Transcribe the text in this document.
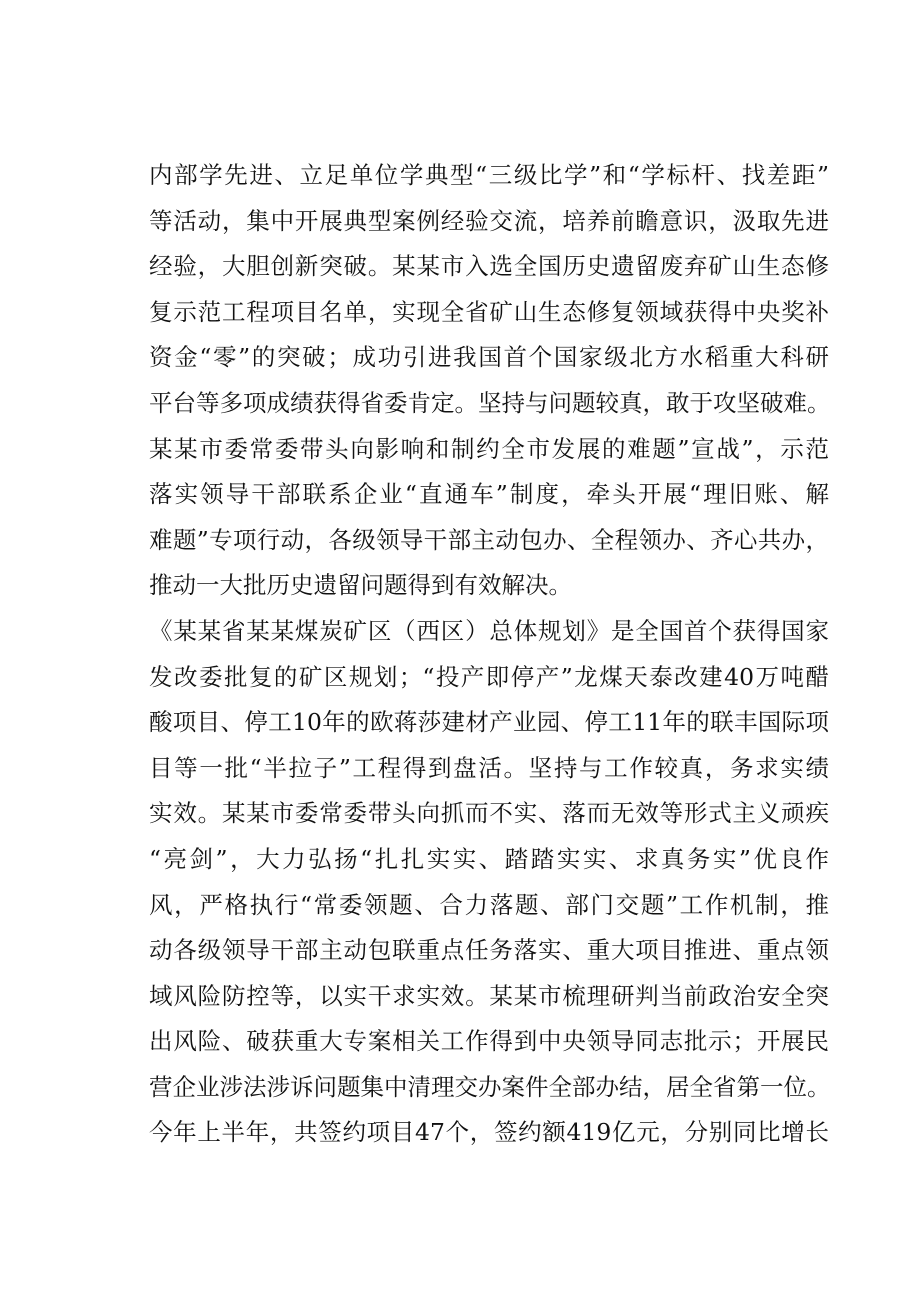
内部学先进、立足单位学典型“三级比学”和“学标杆、找差距”
等活动，集中开展典型案例经验交流，培养前瞻意识，汲取先进
经验，大胆创新突破。某某市入选全国历史遗留废弃矿山生态修
复示范工程项目名单，实现全省矿山生态修复领域获得中央奖补
资金“零”的突破；成功引进我国首个国家级北方水稻重大科研
平台等多项成绩获得省委肯定。坚持与问题较真，敢于攻坚破难。
某某市委常委带头向影响和制约全市发展的难题”宣战”，示范
落实领导干部联系企业“直通车”制度，牵头开展“理旧账、解
难题”专项行动，各级领导干部主动包办、全程领办、齐心共办，
推动一大批历史遗留问题得到有效解决。
《某某省某某煤炭矿区（西区）总体规划》是全国首个获得国家
发改委批复的矿区规划；“投产即停产”龙煤天泰改建40万吨醋
酸项目、停工10年的欧蒋莎建材产业园、停工11年的联丰国际项
目等一批“半拉子”工程得到盘活。坚持与工作较真，务求实绩
实效。某某市委常委带头向抓而不实、落而无效等形式主义顽疾
“亮剑”，大力弘扬“扎扎实实、踏踏实实、求真务实”优良作
风，严格执行“常委领题、合力落题、部门交题”工作机制，推
动各级领导干部主动包联重点任务落实、重大项目推进、重点领
域风险防控等，以实干求实效。某某市梳理研判当前政治安全突
出风险、破获重大专案相关工作得到中央领导同志批示；开展民
营企业涉法涉诉问题集中清理交办案件全部办结，居全省第一位。
今年上半年，共签约项目47个，签约额419亿元，分别同比增长
